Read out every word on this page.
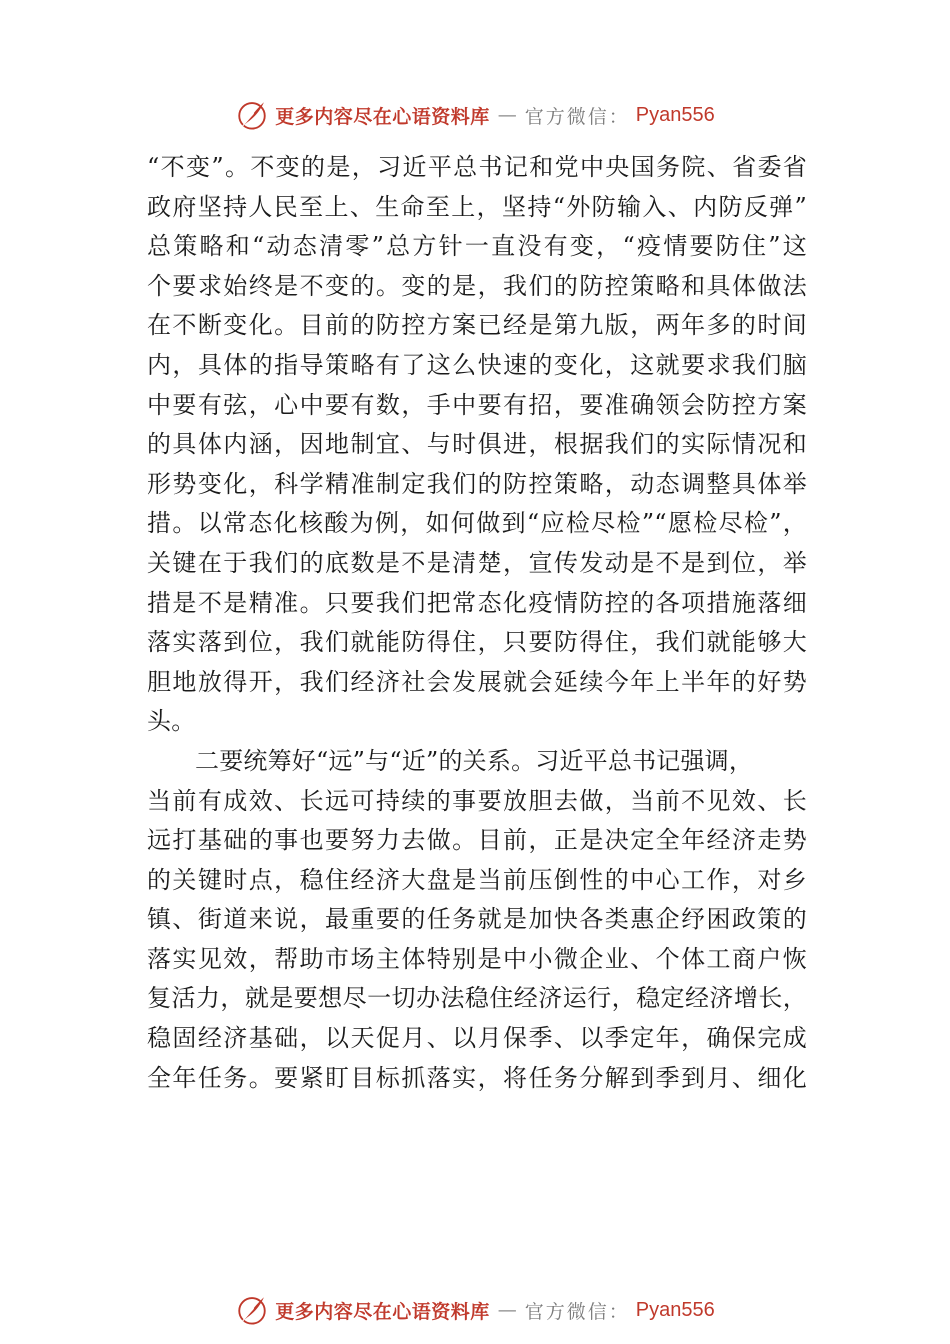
更多内容尽在心语资料库 — 官方微信： Pyan556
“不变”。不变的是，习近平总书记和党中央国务院、省委省
政府坚持人民至上、生命至上，坚持“外防输入、内防反弹”
总策略和“动态清零”总方针一直没有变，“疫情要防住”这
个要求始终是不变的。变的是，我们的防控策略和具体做法
在不断变化。目前的防控方案已经是第九版，两年多的时间
内，具体的指导策略有了这么快速的变化，这就要求我们脑
中要有弦，心中要有数，手中要有招，要准确领会防控方案
的具体内涵，因地制宜、与时俱进，根据我们的实际情况和
形势变化，科学精准制定我们的防控策略，动态调整具体举
措。以常态化核酸为例，如何做到“应检尽检”“愿检尽检”，
关键在于我们的底数是不是清楚，宣传发动是不是到位，举
措是不是精准。只要我们把常态化疫情防控的各项措施落细
落实落到位，我们就能防得住，只要防得住，我们就能够大
胆地放得开，我们经济社会发展就会延续今年上半年的好势
头。
二要统筹好“远”与“近”的关系。习近平总书记强调，
当前有成效、长远可持续的事要放胆去做，当前不见效、长
远打基础的事也要努力去做。目前，正是决定全年经济走势
的关键时点，稳住经济大盘是当前压倒性的中心工作，对乡
镇、街道来说，最重要的任务就是加快各类惠企纾困政策的
落实见效，帮助市场主体特别是中小微企业、个体工商户恢
复活力，就是要想尽一切办法稳住经济运行，稳定经济增长，
稳固经济基础，以天促月、以月保季、以季定年，确保完成
全年任务。要紧盯目标抓落实，将任务分解到季到月、细化
更多内容尽在心语资料库 — 官方微信： Pyan556
